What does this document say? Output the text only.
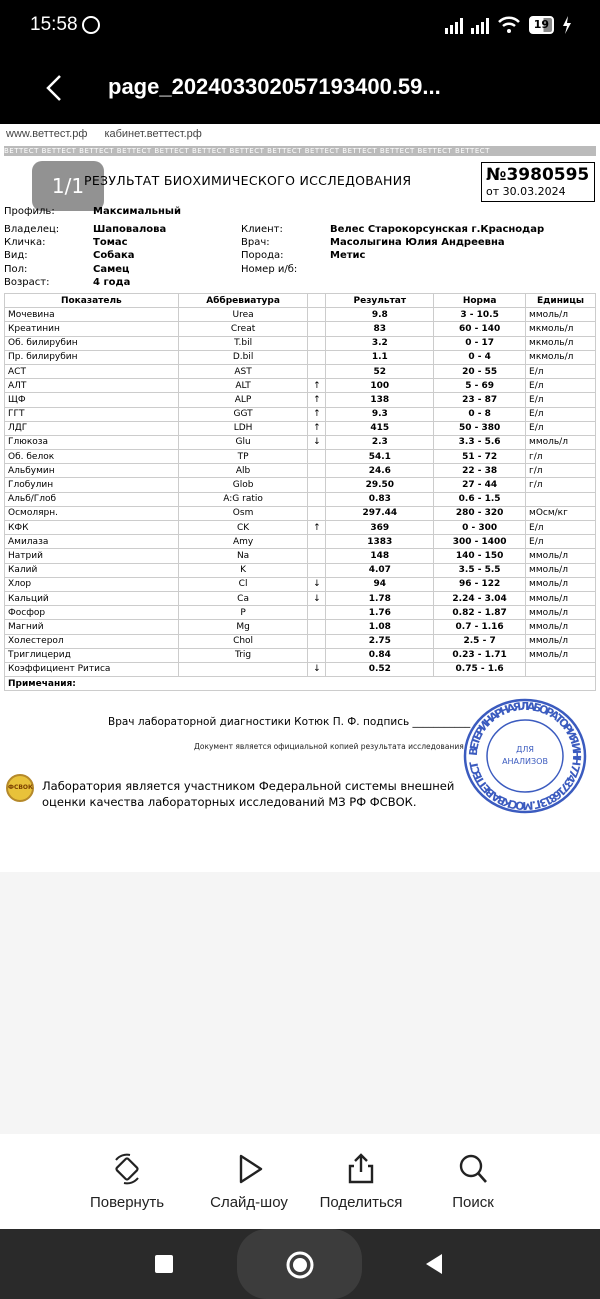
15:58	19
page_20240330205719340​0.59...
www.веттест.рф кабинет.веттест.рф
ВЕТТЕСТ ВЕТТЕСТ ВЕТТЕСТ ВЕТТЕСТ ВЕТТЕСТ ВЕТТЕСТ ВЕТТЕСТ ВЕТТЕСТ ВЕТТЕСТ ВЕТТЕСТ ВЕТТЕСТ ВЕТТЕСТ ВЕТТЕСТ
1/1 РЕЗУЛЬТАТ БИОХИМИЧЕСКОГО ИССЛЕДОВАНИЯ	№3980595
от 30.03.2024
Профиль:	Максимальный
Владелец:	Шаповалова	Клиент:	Велес Старокорсунская г.Краснодар
Кличка:	Томас	Врач:	Масолыгина Юлия Андреевна
Вид:	Собака	Порода:	Метис
Пол:	Самец	Номер и/б:
Возраст:	4 года
Показатель	Аббревиатура		Результат	Норма	Единицы
Мочевина	Urea		9.8	3 - 10.5	ммоль/л
Креатинин	Creat		83	60 - 140	мкмоль/л
Об. билирубин	T.bil		3.2	0 - 17	мкмоль/л
Пр. билирубин	D.bil		1.1	0 - 4	мкмоль/л
АСТ	AST		52	20 - 55	Е/л
АЛТ	ALT	↑	100	5 - 69	Е/л
ЩФ	ALP	↑	138	23 - 87	Е/л
ГГТ	GGT	↑	9.3	0 - 8	Е/л
ЛДГ	LDH	↑	415	50 - 380	Е/л
Глюкоза	Glu	↓	2.3	3.3 - 5.6	ммоль/л
Об. белок	TP		54.1	51 - 72	г/л
Альбумин	Alb		24.6	22 - 38	г/л
Глобулин	Glob		29.50	27 - 44	г/л
Альб/Глоб	A:G ratio		0.83	0.6 - 1.5	
Осмолярн.	Osm		297.44	280 - 320	мОсм/кг
КФК	CK	↑	369	0 - 300	Е/л
Амилаза	Amy		1383	300 - 1400	Е/л
Натрий	Na		148	140 - 150	ммоль/л
Калий	K		4.07	3.5 - 5.5	ммоль/л
Хлор	Cl	↓	94	96 - 122	ммоль/л
Кальций	Ca	↓	1.78	2.24 - 3.04	ммоль/л
Фосфор	P		1.76	0.82 - 1.87	ммоль/л
Магний	Mg		1.08	0.7 - 1.16	ммоль/л
Холестерол	Chol		2.75	2.5 - 7	ммоль/л
Триглицерид	Trig		0.84	0.23 - 1.71	ммоль/л
Коэффициент Ритиса		↓	0.52	0.75 - 1.6	
Примечания:					
Врач лабораторной диагностики Котюк П. Ф. подпись ___________
Документ является официальной копией результата исследования
ВЕТЕРИНАРНАЯ ЛАБОРАТОРИЯ ИНН 7743716813 Г. МОСКВА ВЕТТЕСТ
ДЛЯ
АНАЛИЗОВ
ФСВОК Лаборатория является участником Федеральной системы внешней оценки качества лабораторных исследований МЗ РФ ФСВОК.
Повернуть	Слайд-шоу	Поделиться	Поиск
